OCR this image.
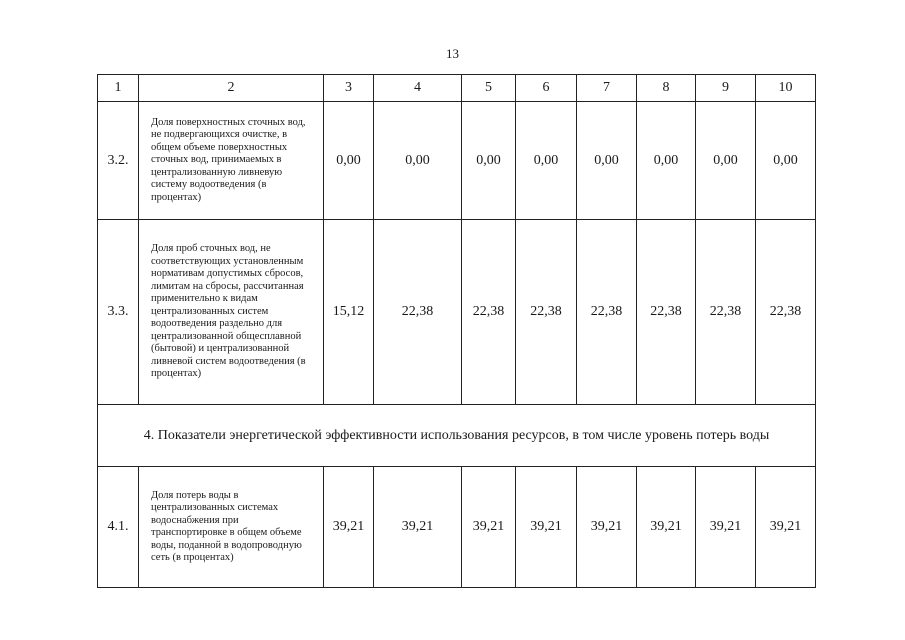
13
1	2	3	4	5	6	7	8	9	10
3.2.	Доля поверхностных сточных вод, не подвергающихся очистке, в общем объеме поверхностных сточных вод, принимаемых в централизованную ливневую систему водоотведения (в процентах)	0,00	0,00	0,00	0,00	0,00	0,00	0,00	0,00
3.3.	Доля проб сточных вод, не соответствующих установленным нормативам допустимых сбросов, лимитам на сбросы, рассчитанная применительно к видам централизованных систем водоотведения раздельно для централизованной общесплавной (бытовой) и централизованной ливневой систем водоотведения (в процентах)	15,12	22,38	22,38	22,38	22,38	22,38	22,38	22,38
4. Показатели энергетической эффективности использования ресурсов, в том числе уровень потерь воды									
4.1.	Доля потерь воды в централизованных системах водоснабжения при транспортировке в общем объеме воды, поданной в водопроводную сеть (в процентах)	39,21	39,21	39,21	39,21	39,21	39,21	39,21	39,21
